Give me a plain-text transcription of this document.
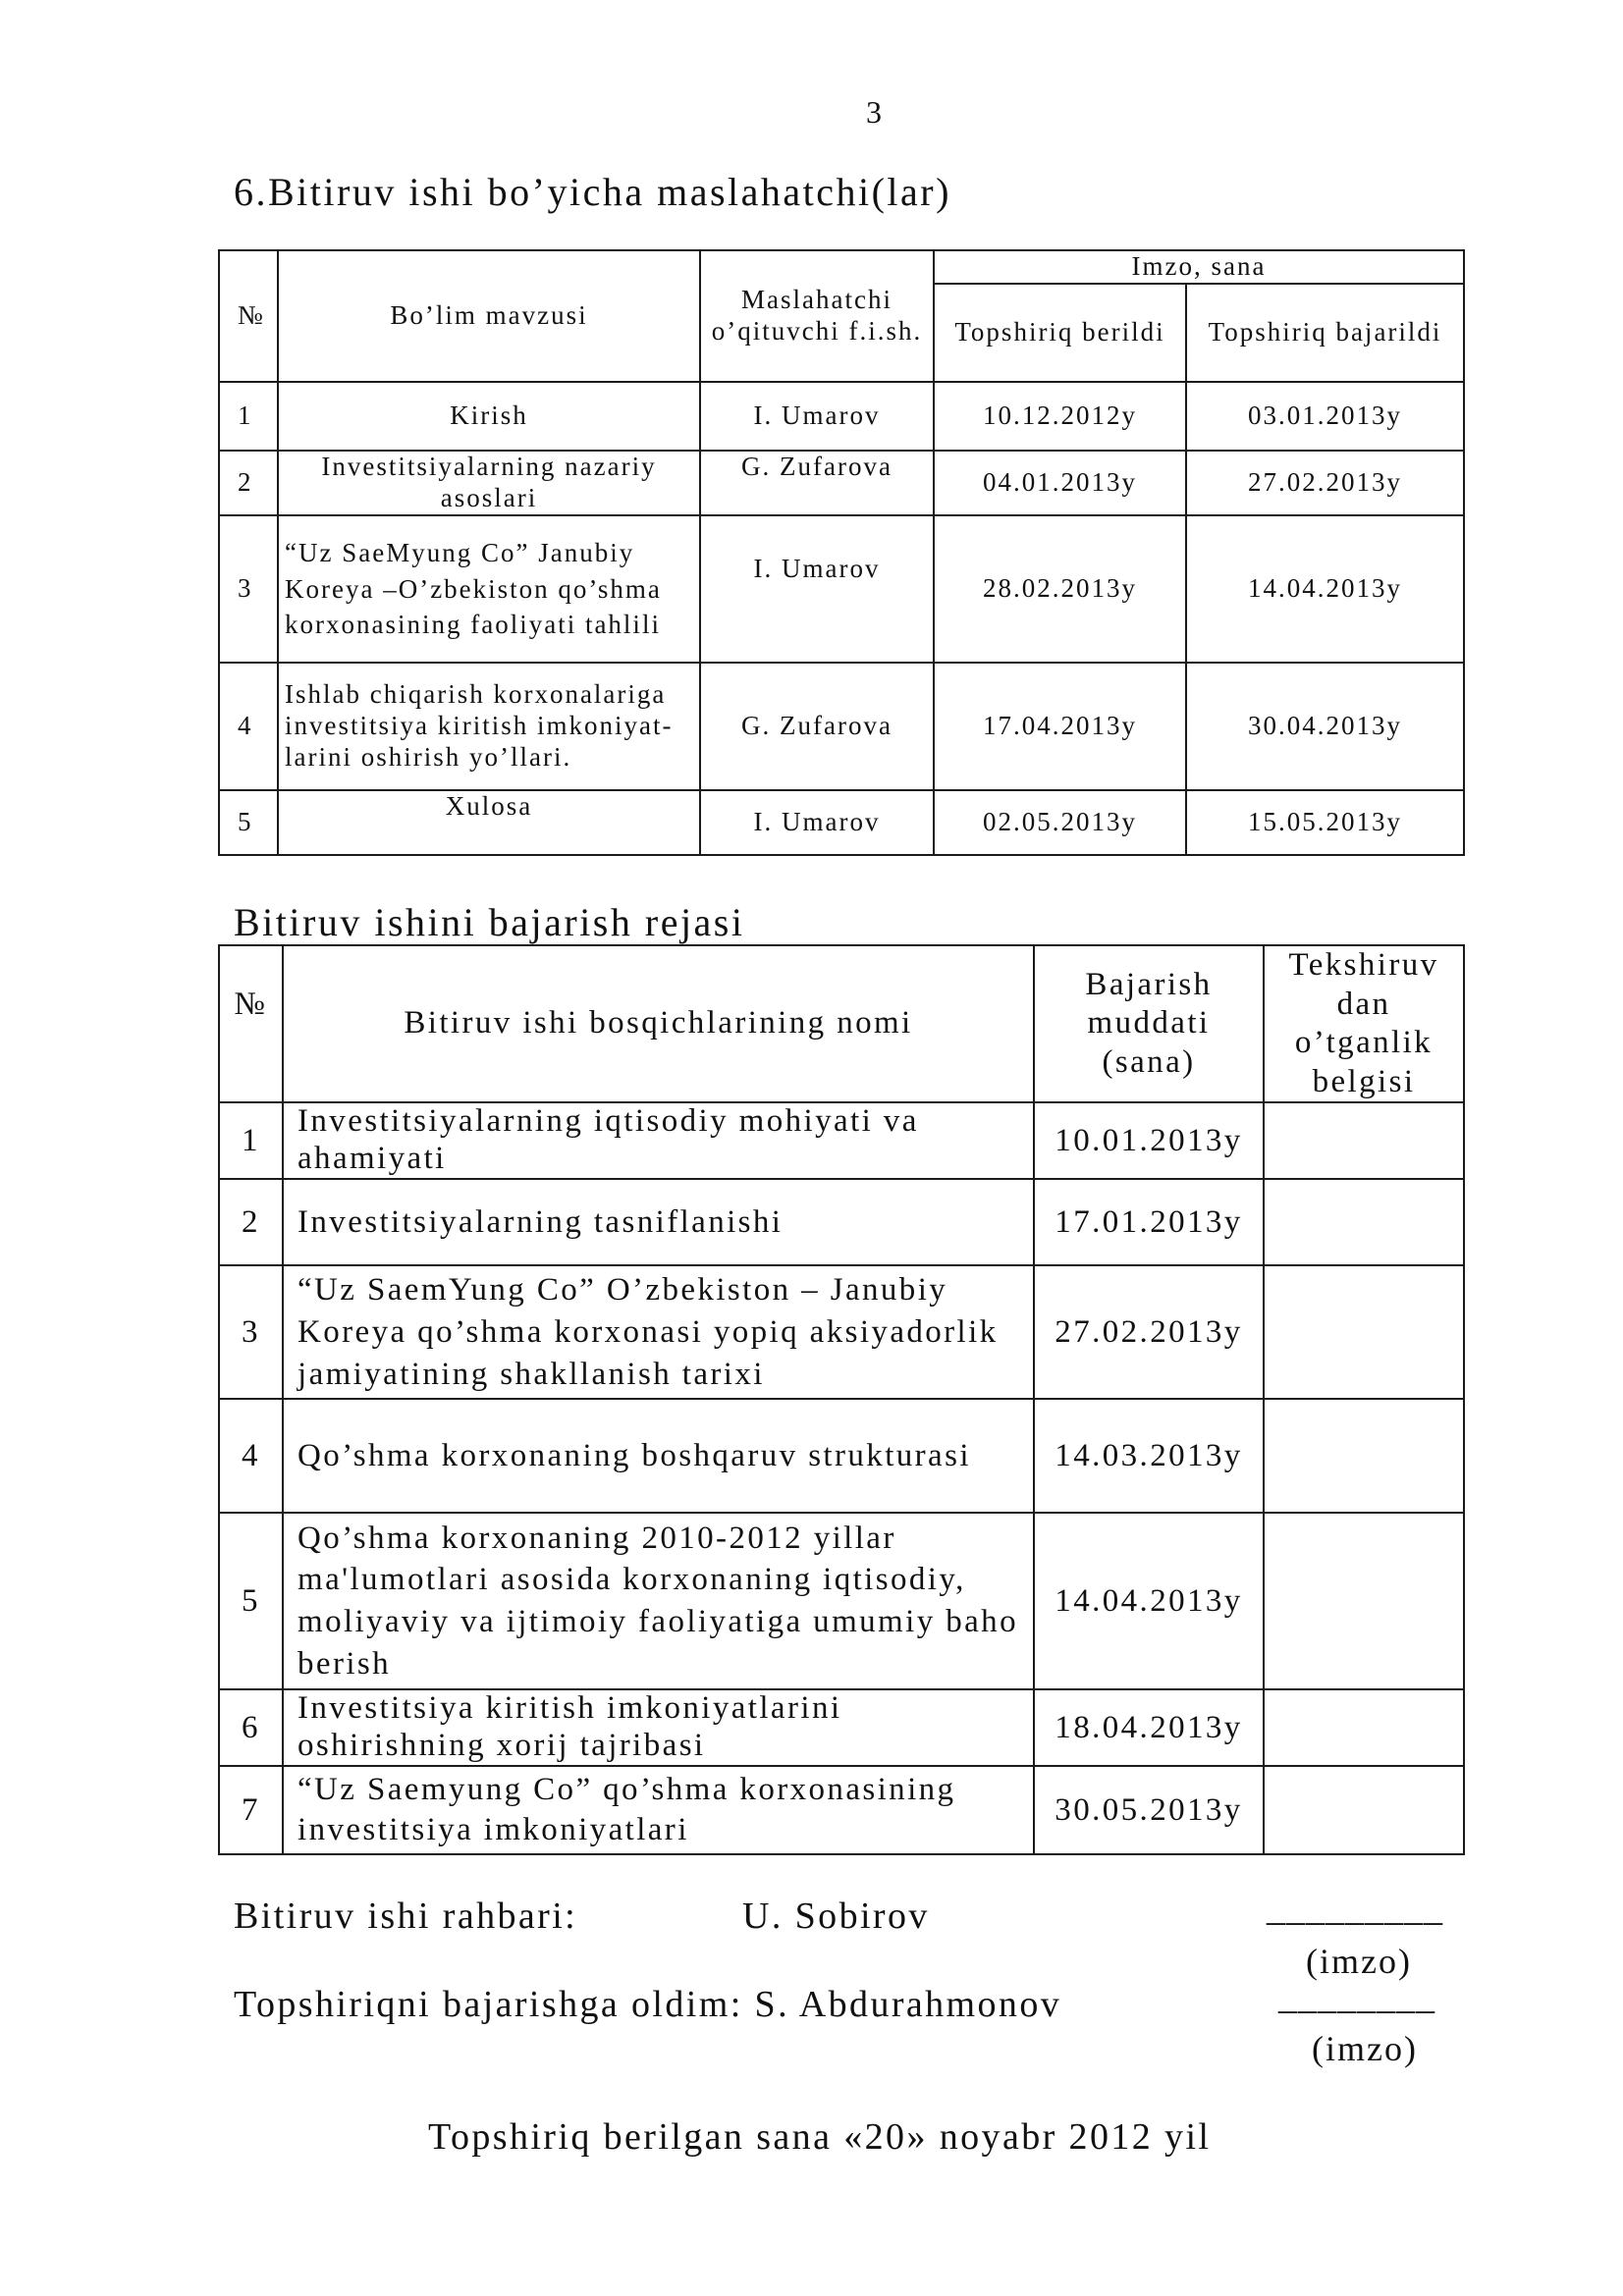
3
6.Bitiruv ishi bo’yicha maslahatchi(lar)
№	Bo’lim mavzusi	Maslahatchi o’qituvchi f.i.sh.	Imzo, sana	
			Topshiriq berildi	Topshiriq bajarildi
1	Kirish	I. Umarov	10.12.2012y	03.01.2013y
2	Investitsiyalarning nazariy asoslari	G. Zufarova	04.01.2013y	27.02.2013y
3	“Uz SaeMyung Co” Janubiy Koreya –O’zbekiston qo’shma korxonasining faoliyati tahlili	I. Umarov	28.02.2013y	14.04.2013y
4	Ishlab chiqarish korxonalariga investitsiya kiritish imkoniyat-larini oshirish yo’llari.	G. Zufarova	17.04.2013y	30.04.2013y
5	Xulosa	I. Umarov	02.05.2013y	15.05.2013y
Bitiruv ishini bajarish rejasi
№	Bitiruv ishi bosqichlarining nomi	Bajarish muddati (sana)	Tekshiruv dan o’tganlik belgisi
1	Investitsiyalarning iqtisodiy mohiyati va ahamiyati	10.01.2013y	
2	Investitsiyalarning tasniflanishi	17.01.2013y	
3	“Uz SaemYung Co” O’zbekiston – Janubiy Koreya qo’shma korxonasi yopiq aksiyadorlik jamiyatining shakllanish tarixi	27.02.2013y	
4	Qo’shma korxonaning boshqaruv strukturasi	14.03.2013y	
5	Qo’shma korxonaning 2010-2012 yillar ma'lumotlari asosida korxonaning iqtisodiy, moliyaviy va ijtimoiy faoliyatiga umumiy baho berish	14.04.2013y	
6	Investitsiya kiritish imkoniyatlarini oshirishning xorij tajribasi	18.04.2013y	
7	“Uz Saemyung Co” qo’shma korxonasining investitsiya imkoniyatlari	30.05.2013y	
Bitiruv ishi rahbari:	U. Sobirov	_________
(imzo)
Topshiriqni bajarishga oldim: S. Abdurahmonov	________
(imzo)
Topshiriq berilgan sana «20» noyabr 2012 yil
